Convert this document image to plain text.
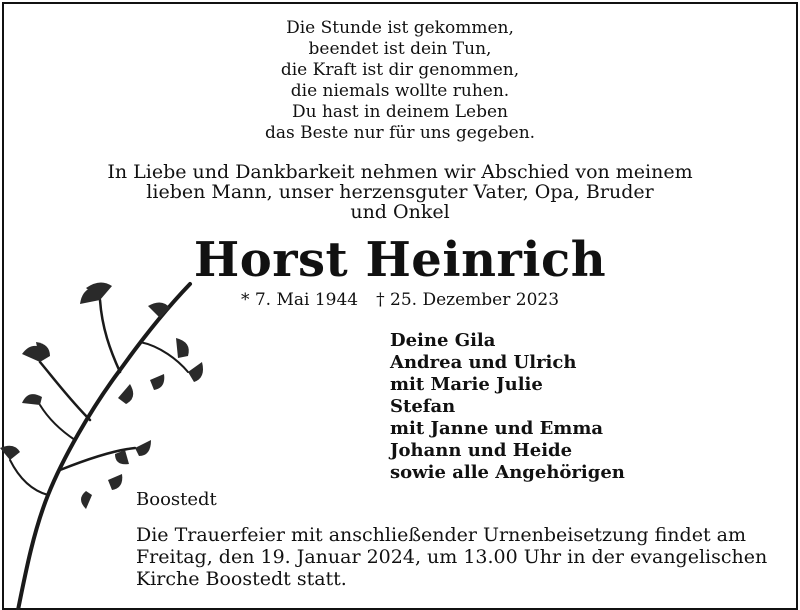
Die Stunde ist gekommen,
beendet ist dein Tun,
die Kraft ist dir genommen,
die niemals wollte ruhen.
Du hast in deinem Leben
das Beste nur für uns gegeben.
In Liebe und Dankbarkeit nehmen wir Abschied von meinem
lieben Mann, unser herzensguter Vater, Opa, Bruder
und Onkel
Horst Heinrich
* 7. Mai 1944 † 25. Dezember 2023
Deine Gila
Andrea und Ulrich
mit Marie Julie
Stefan
mit Janne und Emma
Johann und Heide
sowie alle Angehörigen
Boostedt
Die Trauerfeier mit anschließender Urnenbeisetzung findet am
Freitag, den 19. Januar 2024, um 13.00 Uhr in der evangelischen
Kirche Boostedt statt.
